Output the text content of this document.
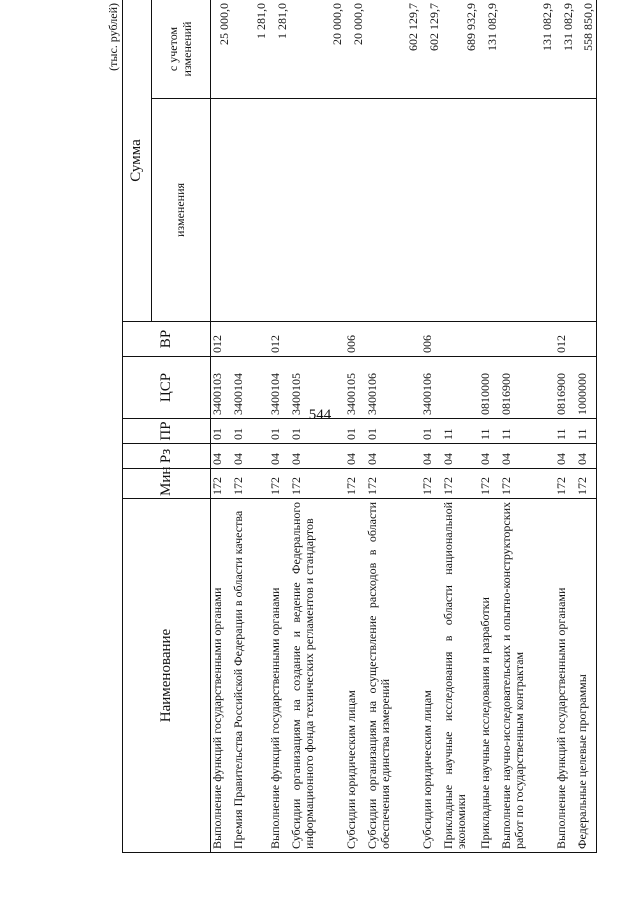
544
(тыс. рублей)
Наименование	Мин	Рз	ПР	ЦСР	ВР	Сумма	
						изменения	с учетом изменений
Выполнение функций государственными органами	172	04	01	3400103	012		25 000,0
Премия Правительства Российской Федерации в области качества	172	04	01	3400104			1 281,0
Выполнение функций государственными органами	172	04	01	3400104	012		1 281,0
Субсидии организациям на создание и ведение Федерального информационного фонда технических регламентов и стандартов	172	04	01	3400105			20 000,0
Субсидии юридическим лицам	172	04	01	3400105	006		20 000,0
Субсидии организациям на осуществление расходов в области обеспечения единства измерений	172	04	01	3400106			602 129,7
Субсидии юридическим лицам	172	04	01	3400106	006		602 129,7
Прикладные научные исследования в области национальной экономики	172	04	11				689 932,9
Прикладные научные исследования и разработки	172	04	11	0810000			131 082,9
Выполнение научно-исследовательских и опытно-конструкторских работ по государственным контрактам	172	04	11	0816900			131 082,9
Выполнение функций государственными органами	172	04	11	0816900	012		131 082,9
Федеральные целевые программы	172	04	11	1000000			558 850,0
